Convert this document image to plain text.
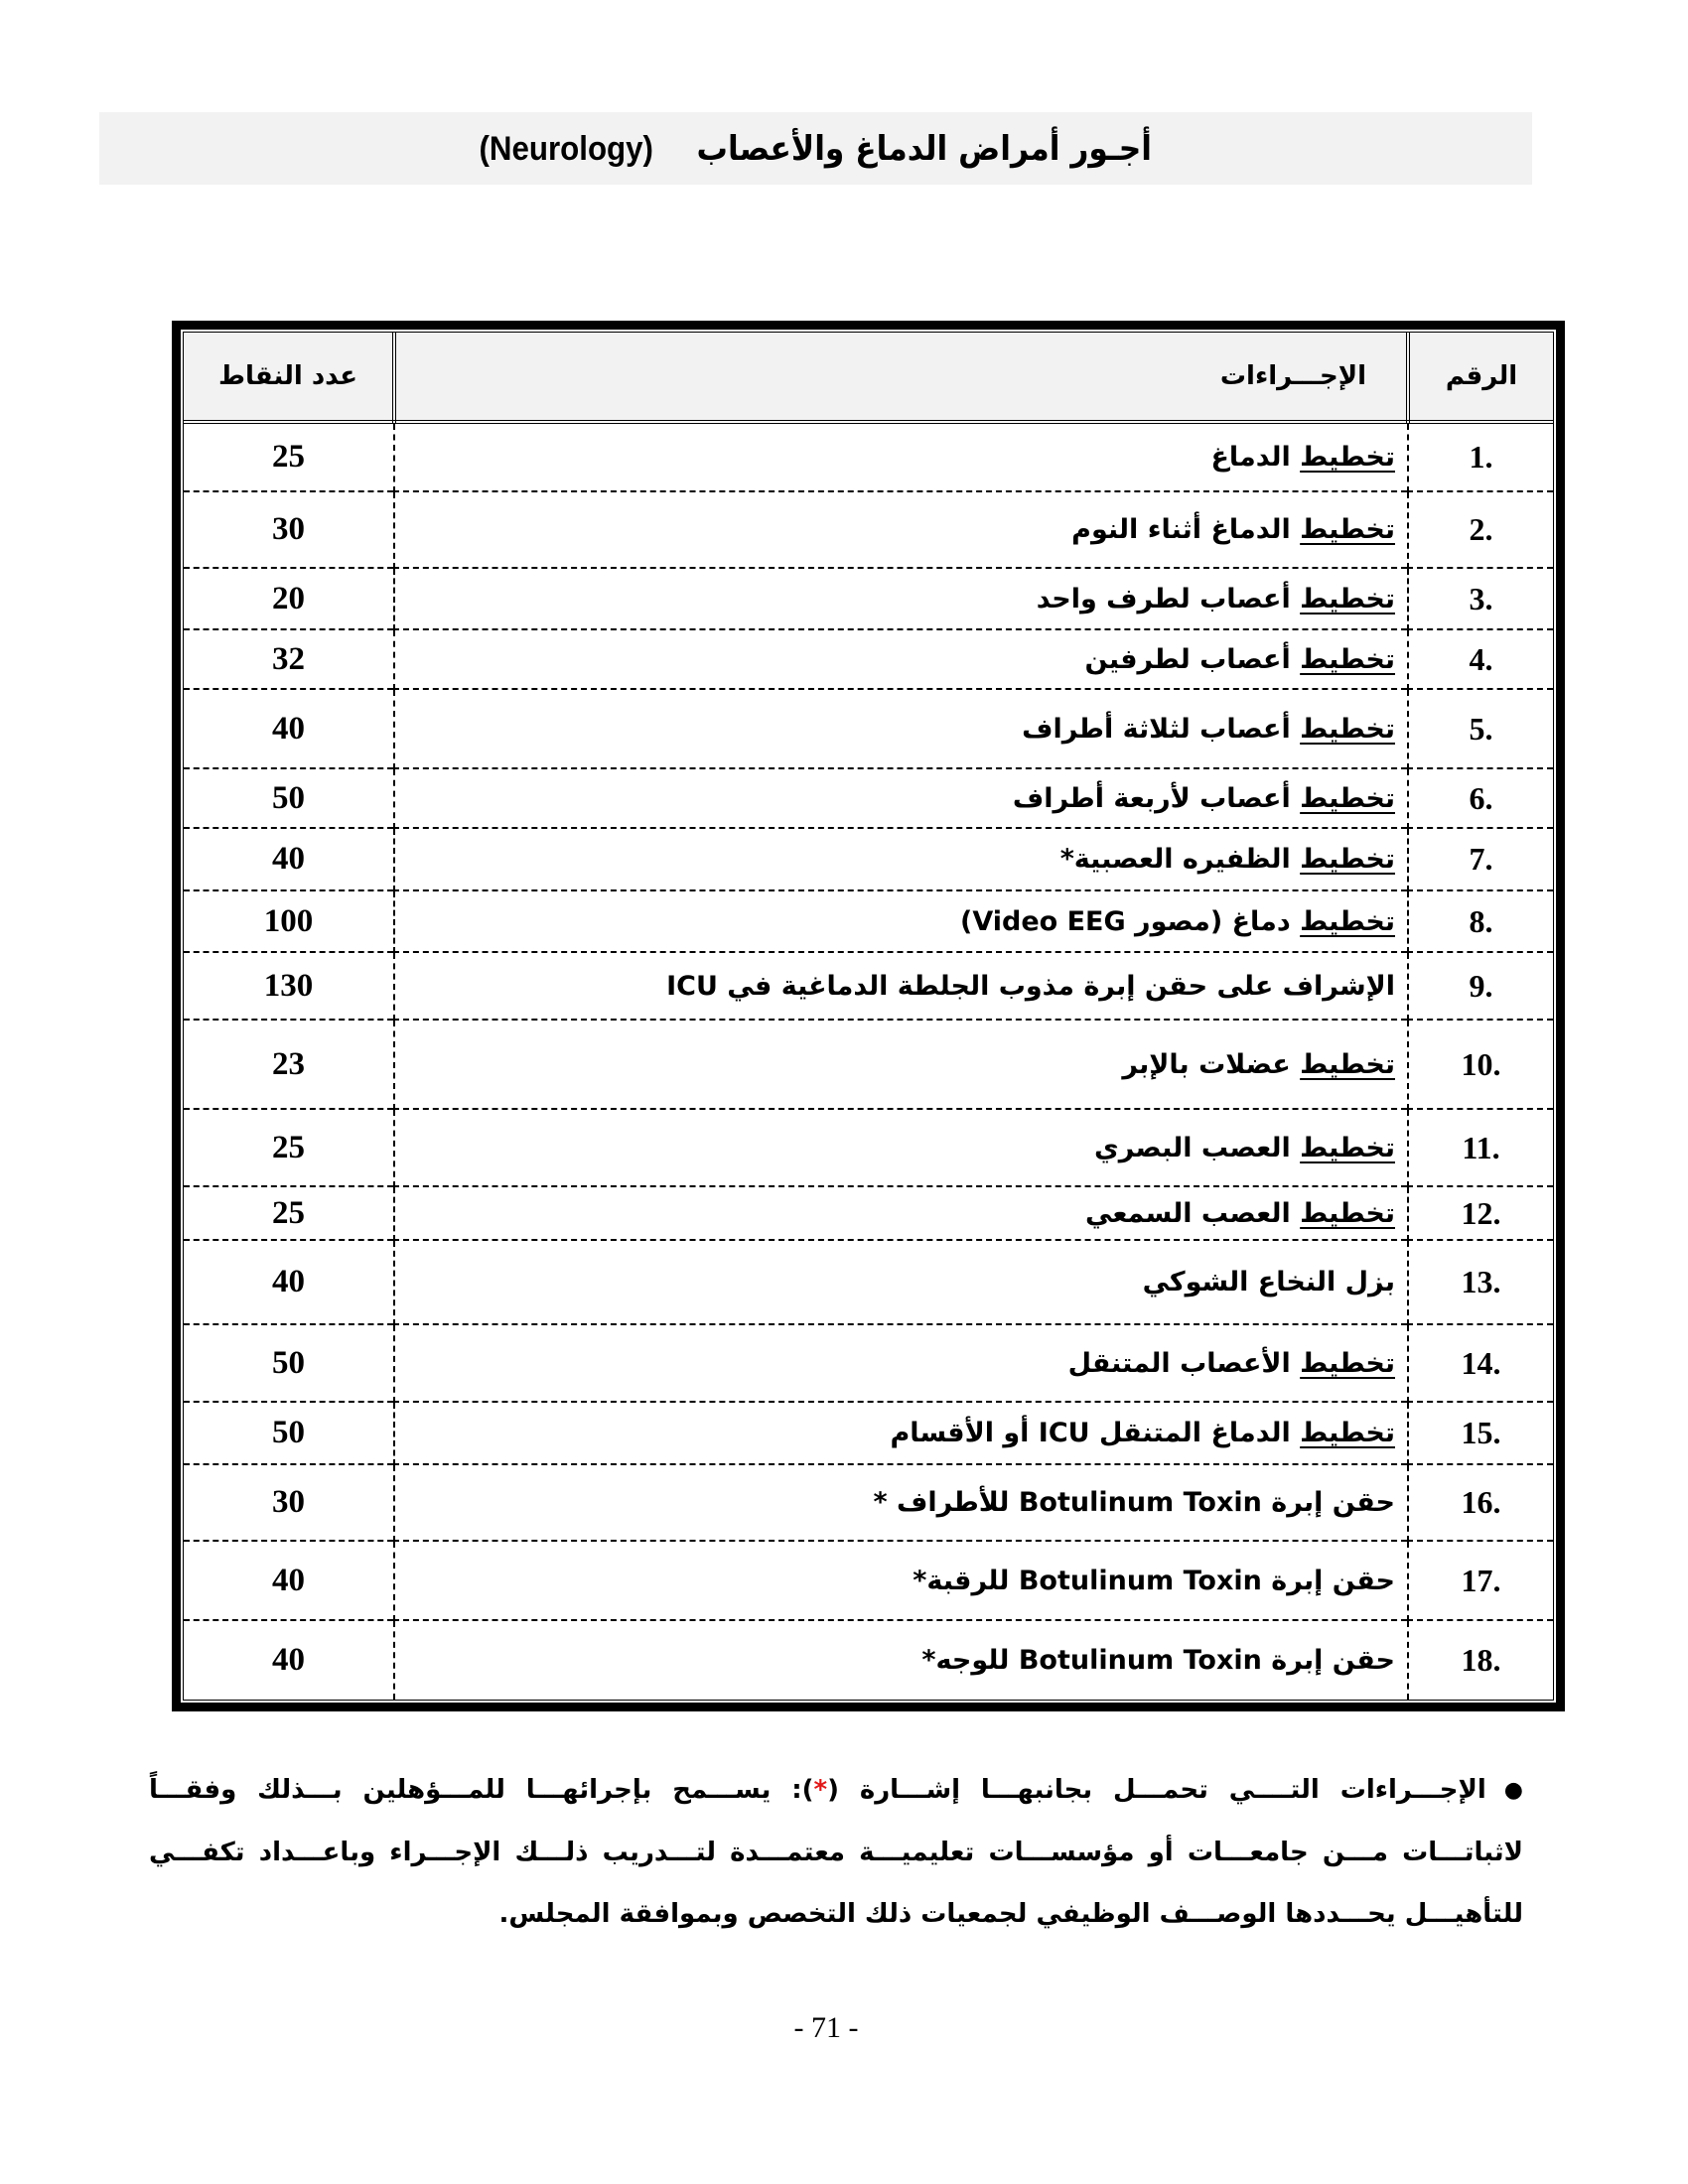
أجـور أمراض الدماغ والأعصاب    (Neurology)
الرقم	الإجـــراءات	عدد النقاط
.1	تخطيط الدماغ	25
.2	تخطيط الدماغ أثناء النوم	30
.3	تخطيط أعصاب لطرف واحد	20
.4	تخطيط أعصاب لطرفين	32
.5	تخطيط أعصاب لثلاثة أطراف	40
.6	تخطيط أعصاب لأربعة أطراف	50
.7	تخطيط الظفيره العصبية*	40
.8	تخطيط دماغ (مصور Video EEG)	100
.9	الإشراف على حقن إبرة مذوب الجلطة الدماغية في ICU	130
.10	تخطيط عضلات بالإبر	23
.11	تخطيط العصب البصري	25
.12	تخطيط العصب السمعي	25
.13	بزل النخاع الشوكي	40
.14	تخطيط الأعصاب المتنقل	50
.15	تخطيط الدماغ المتنقل ICU أو الأقسام	50
.16	حقن إبرة Botulinum Toxin للأطراف *	30
.17	حقن إبرة Botulinum Toxin للرقبة*	40
.18	حقن إبرة Botulinum Toxin للوجه*	40
●الإجـــراءات التــــي تحمـــل بجانبهـــا إشـــارة (*): يســـمح بإجرائهـــا للمـــؤهلين بـــذلك وفقـــاً لاثباتـــات مـــن جامعـــات أو مؤسســـات تعليميـــة معتمـــدة لتـــدريب ذلـــك الإجـــراء وباعـــداد تكفـــي للتأهيـــل يحـــددها الوصـــف الوظيفي لجمعيات ذلك التخصص وبموافقة المجلس.
- 71 -
